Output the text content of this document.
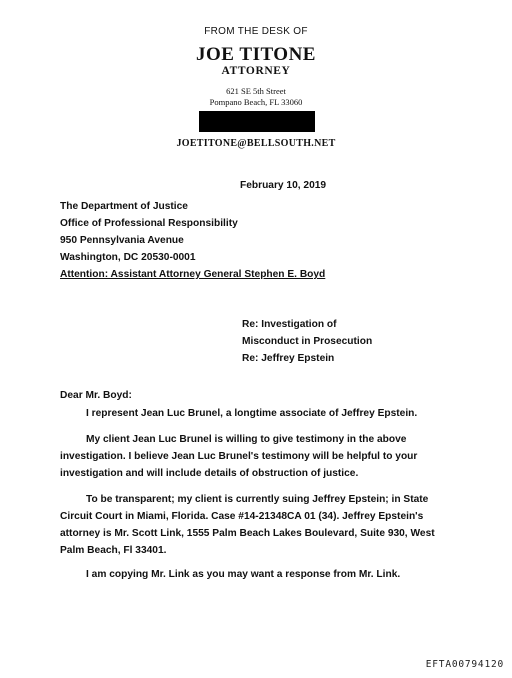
FROM THE DESK OF
JOE TITONE
ATTORNEY
621 SE 5th Street
Pompano Beach, FL 33060
JOETITONE@BELLSOUTH.NET
February 10, 2019
The Department of Justice
Office of Professional Responsibility
950 Pennsylvania Avenue
Washington, DC 20530-0001
Attention: Assistant Attorney General Stephen E. Boyd
Re: Investigation of
Misconduct in Prosecution
Re: Jeffrey Epstein
Dear Mr. Boyd:
I represent Jean Luc Brunel, a longtime associate of Jeffrey Epstein.
My client Jean Luc Brunel is willing to give testimony in the above
investigation. I believe Jean Luc Brunel's testimony will be helpful to your
investigation and will include details of obstruction of justice.
To be transparent; my client is currently suing Jeffrey Epstein; in State
Circuit Court in Miami, Florida. Case #14-21348CA 01 (34). Jeffrey Epstein's
attorney is Mr. Scott Link, 1555 Palm Beach Lakes Boulevard, Suite 930, West
Palm Beach, Fl 33401.
I am copying Mr. Link as you may want a response from Mr. Link.
EFTA00794120
